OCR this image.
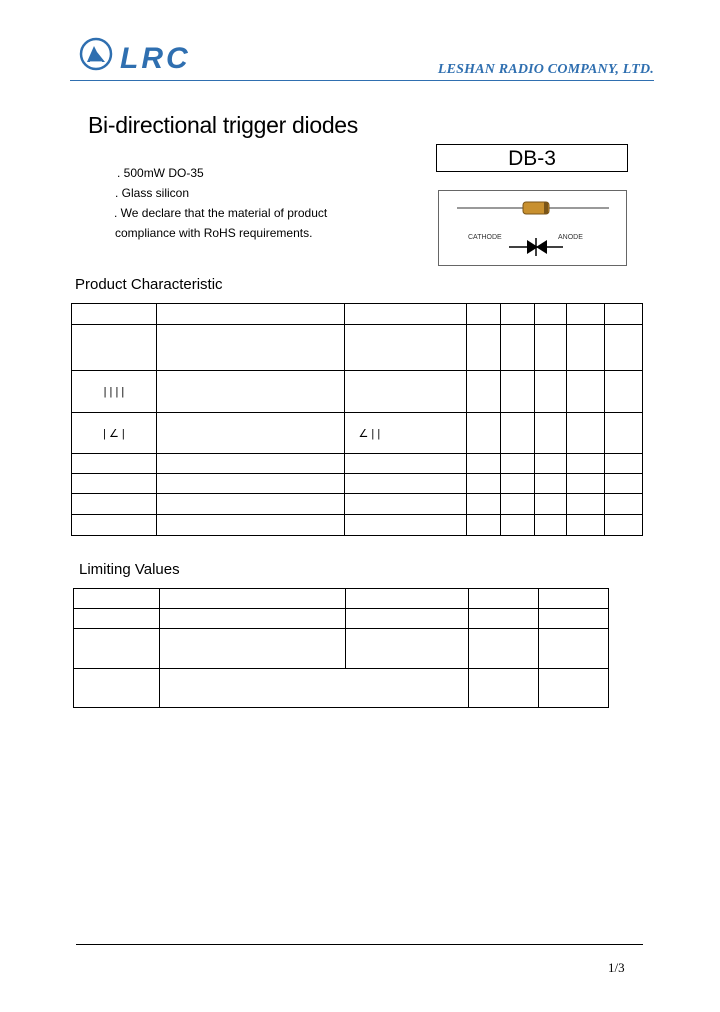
LRC	LESHAN RADIO COMPANY, LTD.
Bi-directional trigger diodes
DB-3
. 500mW DO-35
. Glass silicon
. We declare that the material of product
compliance with RoHS requirements.	CATHODE	ANODE
Product Characteristic

| | | |							
| ∠ |		∠ | |					

Limiting Values

1/3
